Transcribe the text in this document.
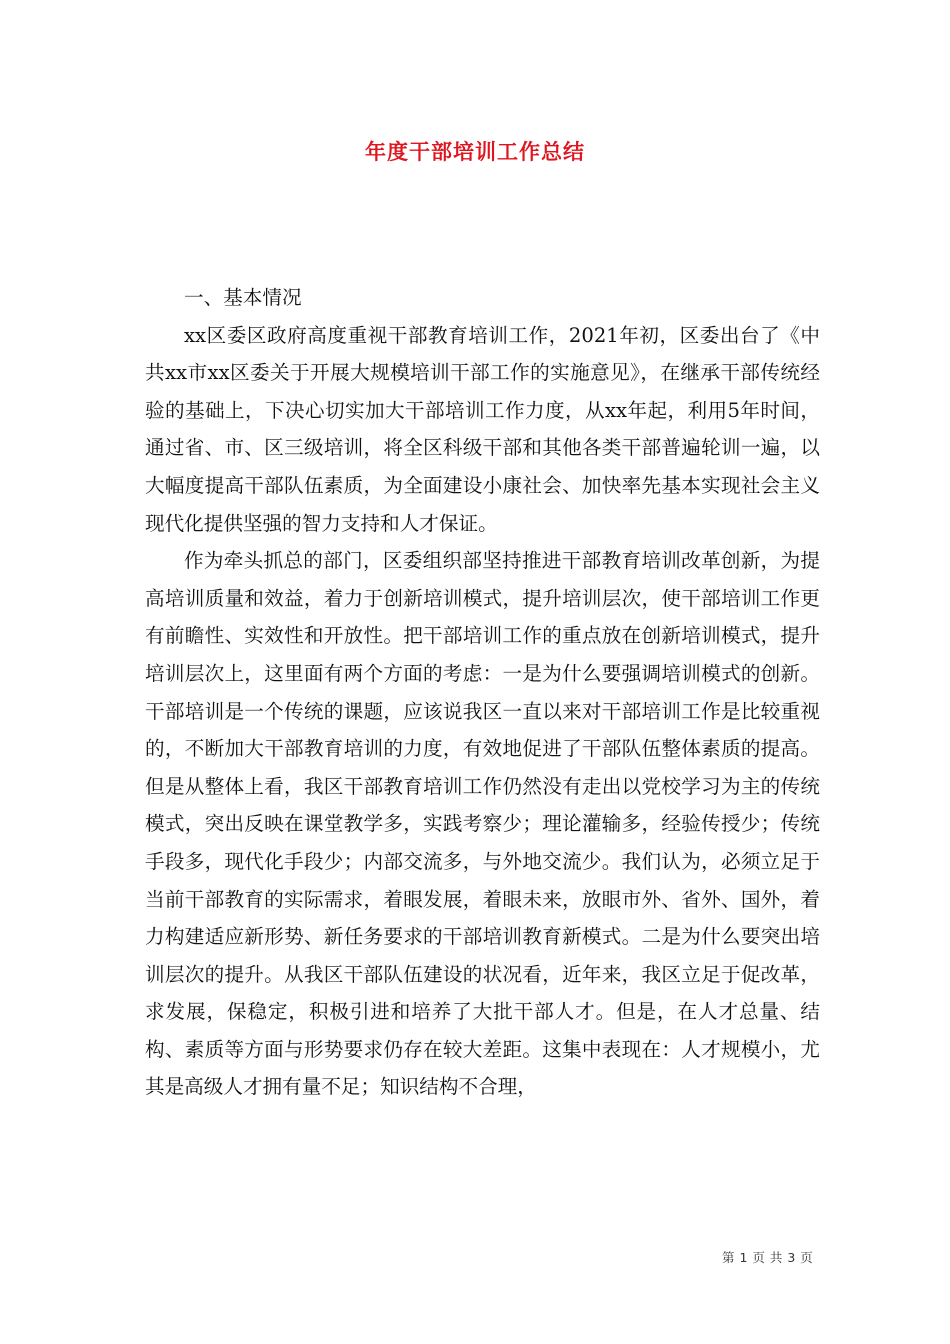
年度干部培训工作总结

一、基本情况

xx区委区政府高度重视干部教育培训工作，2021年初，区委出台了《中共xx市xx区委关于开展大规模培训干部工作的实施意见》，在继承干部传统经验的基础上，下决心切实加大干部培训工作力度，从xx年起，利用5年时间，通过省、市、区三级培训，将全区科级干部和其他各类干部普遍轮训一遍，以大幅度提高干部队伍素质，为全面建设小康社会、加快率先基本实现社会主义现代化提供坚强的智力支持和人才保证。

作为牵头抓总的部门，区委组织部坚持推进干部教育培训改革创新，为提高培训质量和效益，着力于创新培训模式，提升培训层次，使干部培训工作更有前瞻性、实效性和开放性。把干部培训工作的重点放在创新培训模式，提升培训层次上，这里面有两个方面的考虑：一是为什么要强调培训模式的创新。干部培训是一个传统的课题，应该说我区一直以来对干部培训工作是比较重视的，不断加大干部教育培训的力度，有效地促进了干部队伍整体素质的提高。但是从整体上看，我区干部教育培训工作仍然没有走出以党校学习为主的传统模式，突出反映在课堂教学多，实践考察少；理论灌输多，经验传授少；传统手段多，现代化手段少；内部交流多，与外地交流少。我们认为，必须立足于当前干部教育的实际需求，着眼发展，着眼未来，放眼市外、省外、国外，着力构建适应新形势、新任务要求的干部培训教育新模式。二是为什么要突出培训层次的提升。从我区干部队伍建设的状况看，近年来，我区立足于促改革，求发展，保稳定，积极引进和培养了大批干部人才。但是，在人才总量、结构、素质等方面与形势要求仍存在较大差距。这集中表现在：人才规模小，尤其是高级人才拥有量不足；知识结构不合理，

第 1 页 共 3 页
